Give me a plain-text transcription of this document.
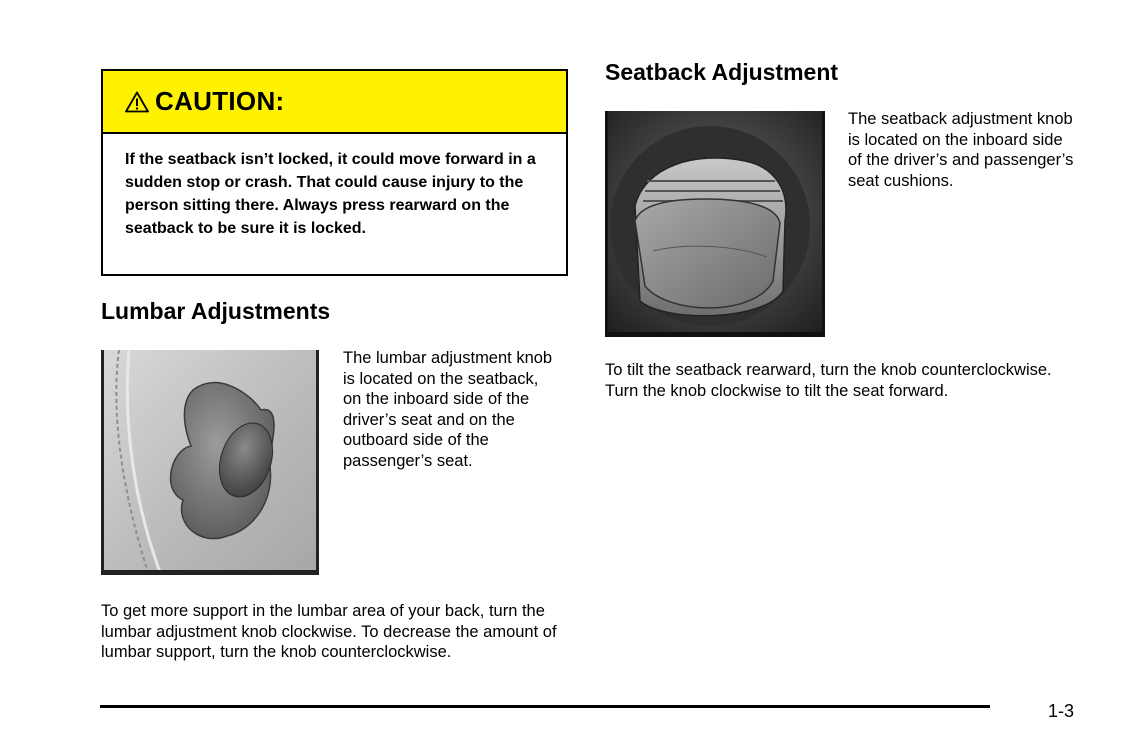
CAUTION:
If the seatback isn’t locked, it could move forward in a sudden stop or crash. That could cause injury to the person sitting there. Always press rearward on the seatback to be sure it is locked.
Lumbar Adjustments
The lumbar adjustment knob is located on the seatback, on the inboard side of the driver’s seat and on the outboard side of the passenger’s seat.
To get more support in the lumbar area of your back, turn the lumbar adjustment knob clockwise. To decrease the amount of lumbar support, turn the knob counterclockwise.
Seatback Adjustment
The seatback adjustment knob is located on the inboard side of the driver’s and passenger’s seat cushions.
To tilt the seatback rearward, turn the knob counterclockwise. Turn the knob clockwise to tilt the seat forward.
1-3
